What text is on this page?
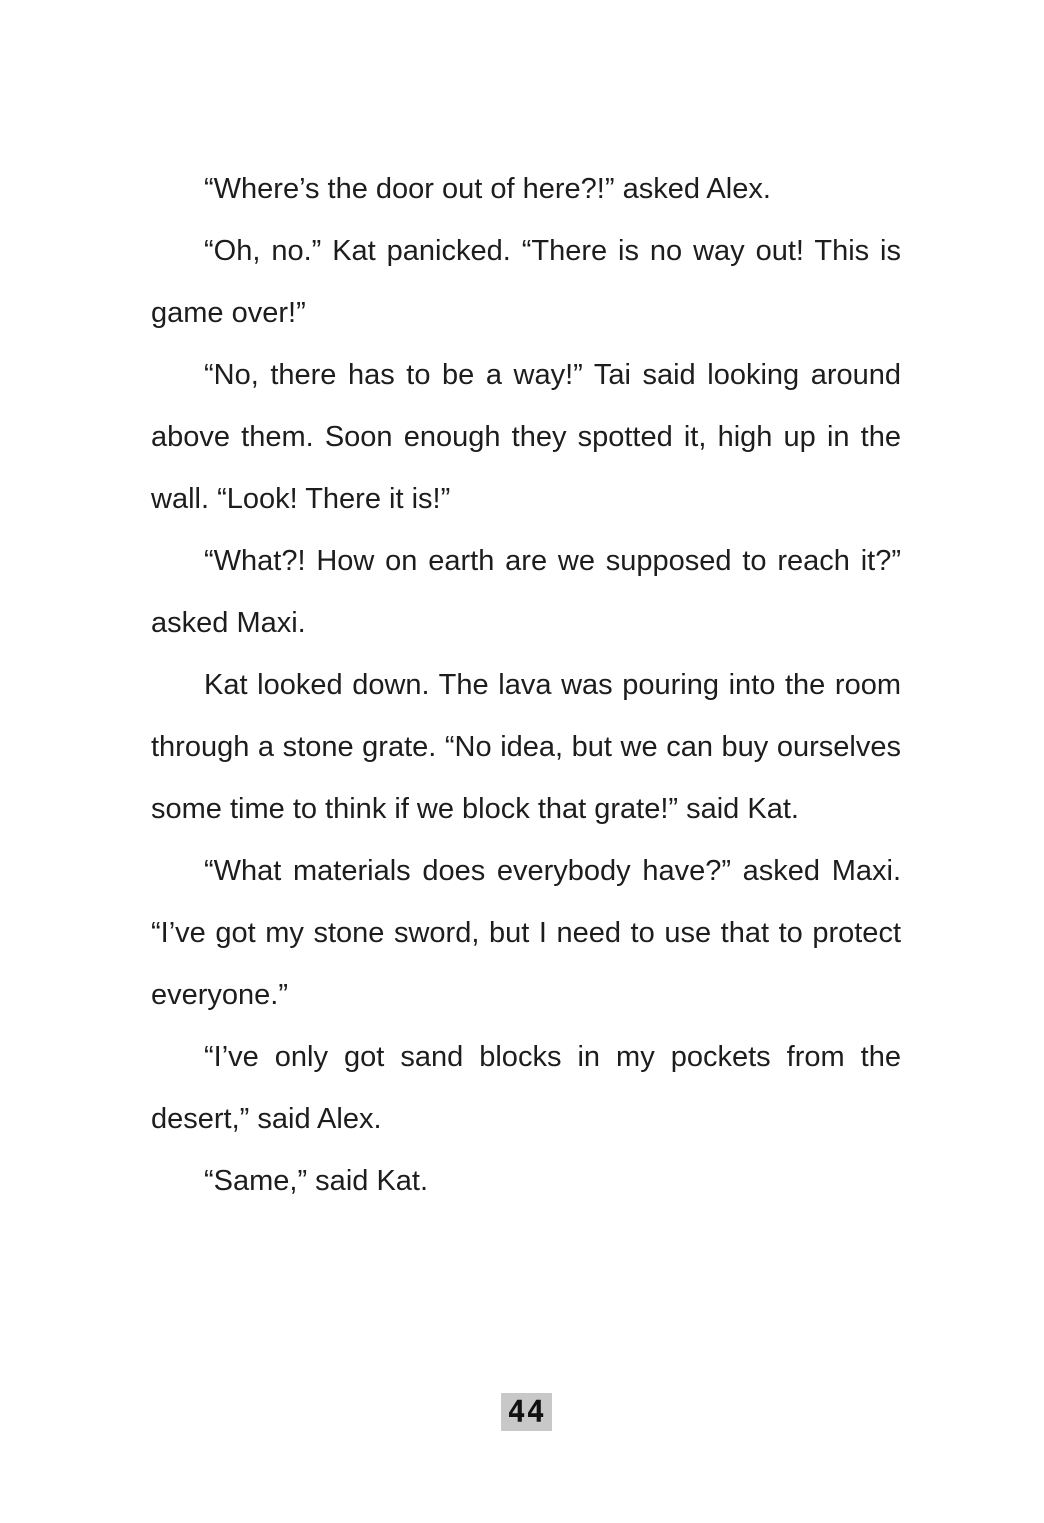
“Where’s the door out of here?!” asked Alex.

“Oh, no.” Kat panicked. “There is no way out! This is game over!”

“No, there has to be a way!” Tai said looking around above them. Soon enough they spotted it, high up in the wall. “Look! There it is!”

“What?! How on earth are we supposed to reach it?” asked Maxi.

Kat looked down. The lava was pouring into the room through a stone grate. “No idea, but we can buy ourselves some time to think if we block that grate!” said Kat.

“What materials does everybody have?” asked Maxi. “I’ve got my stone sword, but I need to use that to protect everyone.”

“I’ve only got sand blocks in my pockets from the desert,” said Alex.

“Same,” said Kat.

44
